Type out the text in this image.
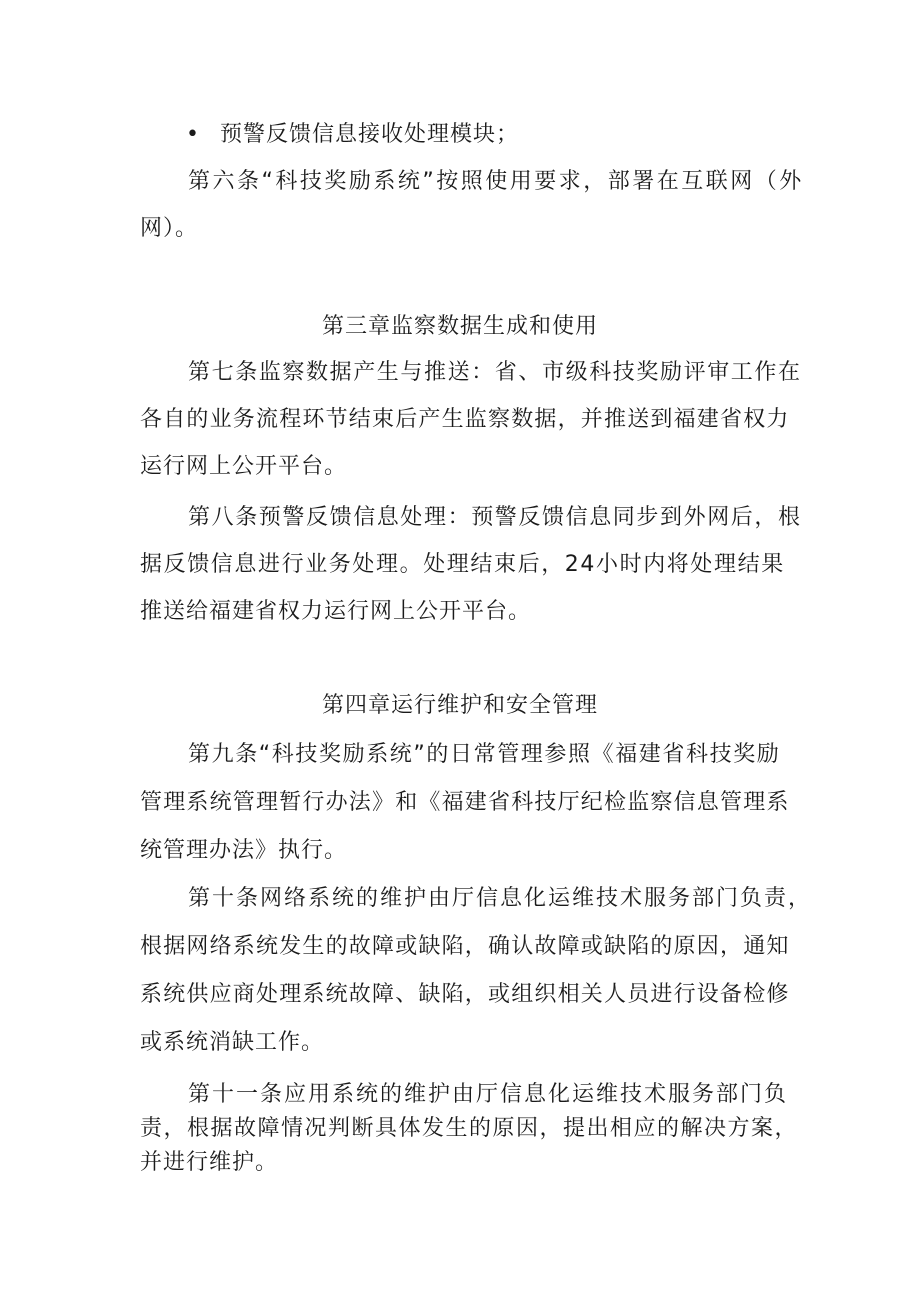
• 预警反馈信息接收处理模块；
第六条“科技奖励系统”按照使用要求，部署在互联网（外
网）。
第三章监察数据生成和使用
第七条监察数据产生与推送：省、市级科技奖励评审工作在
各自的业务流程环节结束后产生监察数据，并推送到福建省权力
运行网上公开平台。
第八条预警反馈信息处理：预警反馈信息同步到外网后，根
据反馈信息进行业务处理。处理结束后，24小时内将处理结果
推送给福建省权力运行网上公开平台。
第四章运行维护和安全管理
第九条“科技奖励系统”的日常管理参照《福建省科技奖励
管理系统管理暂行办法》和《福建省科技厅纪检监察信息管理系
统管理办法》执行。
第十条网络系统的维护由厅信息化运维技术服务部门负责，
根据网络系统发生的故障或缺陷，确认故障或缺陷的原因，通知
系统供应商处理系统故障、缺陷，或组织相关人员进行设备检修
或系统消缺工作。
第十一条应用系统的维护由厅信息化运维技术服务部门负
责，根据故障情况判断具体发生的原因，提出相应的解决方案，
并进行维护。
